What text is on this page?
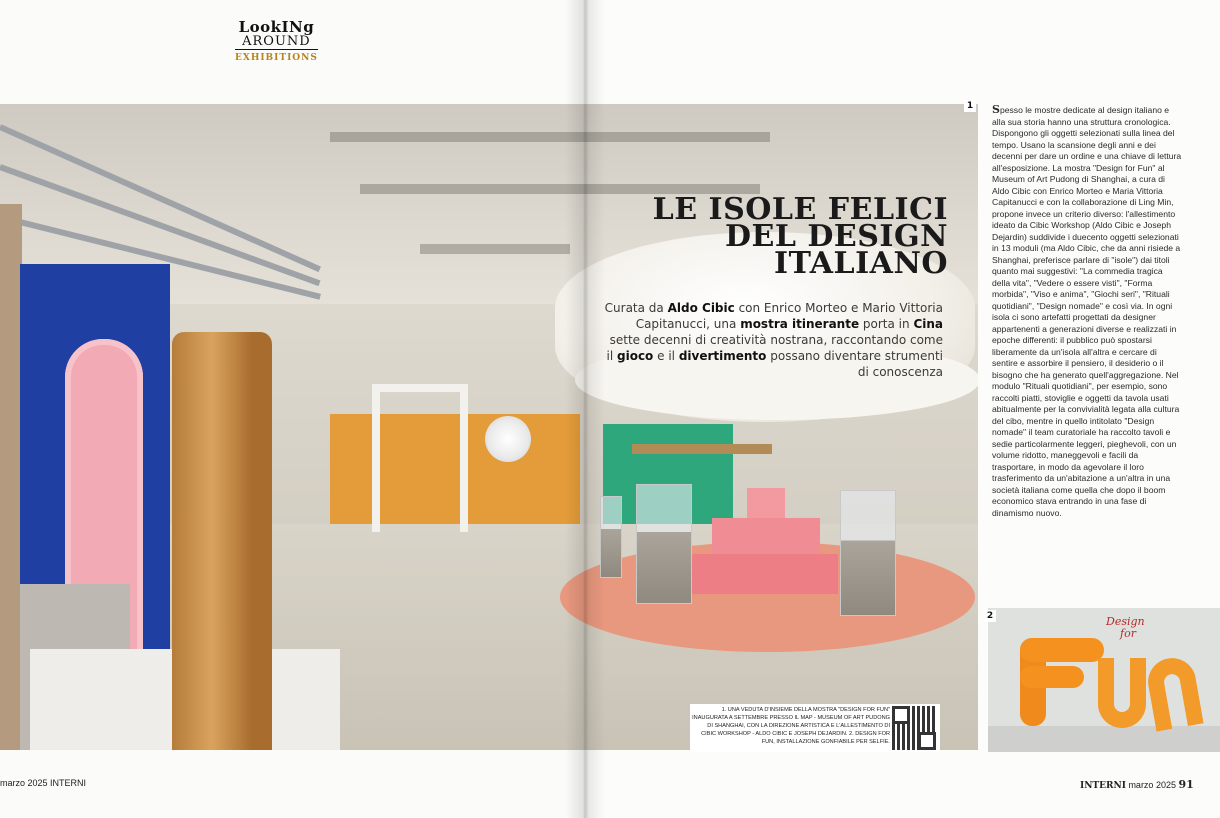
LookINg
AROUND
EXHIBITIONS
1
LE ISOLE FELICI DEL DESIGN ITALIANO
Curata da Aldo Cibic con Enrico Morteo e Mario Vittoria Capitanucci, una mostra itinerante porta in Cina sette decenni di creatività nostrana, raccontando come il gioco e il divertimento possano diventare strumenti di conoscenza
1. UNA VEDUTA D'INSIEME DELLA MOSTRA "DESIGN FOR FUN" INAUGURATA A SETTEMBRE PRESSO IL MAP - MUSEUM OF ART PUDONG DI SHANGHAI, CON LA DIREZIONE ARTISTICA E L'ALLESTIMENTO DI CIBIC WORKSHOP - ALDO CIBIC E JOSEPH DEJARDIN. 2. DESIGN FOR FUN, INSTALLAZIONE GONFIABILE PER SELFIE.
Spesso le mostre dedicate al design italiano e alla sua storia hanno una struttura cronologica. Dispongono gli oggetti selezionati sulla linea del tempo. Usano la scansione degli anni e dei decenni per dare un ordine e una chiave di lettura all'esposizione. La mostra "Design for Fun" al Museum of Art Pudong di Shanghai, a cura di Aldo Cibic con Enrico Morteo e Maria Vittoria Capitanucci e con la collaborazione di Ling Min, propone invece un criterio diverso: l'allestimento ideato da Cibic Workshop (Aldo Cibic e Joseph Dejardin) suddivide i duecento oggetti selezionati in 13 moduli (ma Aldo Cibic, che da anni risiede a Shanghai, preferisce parlare di "isole") dai titoli quanto mai suggestivi: "La commedia tragica della vita", "Vedere o essere visti", "Forma morbida", "Viso e anima", "Giochi seri", "Rituali quotidiani", "Design nomade" e così via. In ogni isola ci sono artefatti progettati da designer appartenenti a generazioni diverse e realizzati in epoche differenti: il pubblico può spostarsi liberamente da un'isola all'altra e cercare di sentire e assorbire il pensiero, il desiderio o il bisogno che ha generato quell'aggregazione. Nel modulo "Rituali quotidiani", per esempio, sono raccolti piatti, stoviglie e oggetti da tavola usati abitualmente per la convivialità legata alla cultura del cibo, mentre in quello intitolato "Design nomade" il team curatoriale ha raccolto tavoli e sedie particolarmente leggeri, pieghevoli, con un volume ridotto, maneggevoli e facili da trasportare, in modo da agevolare il loro trasferimento da un'abitazione a un'altra in una società italiana come quella che dopo il boom economico stava entrando in una fase di dinamismo nuovo.
Design
for
2
marzo 2025 INTERNI	INTERNI marzo 2025 91
